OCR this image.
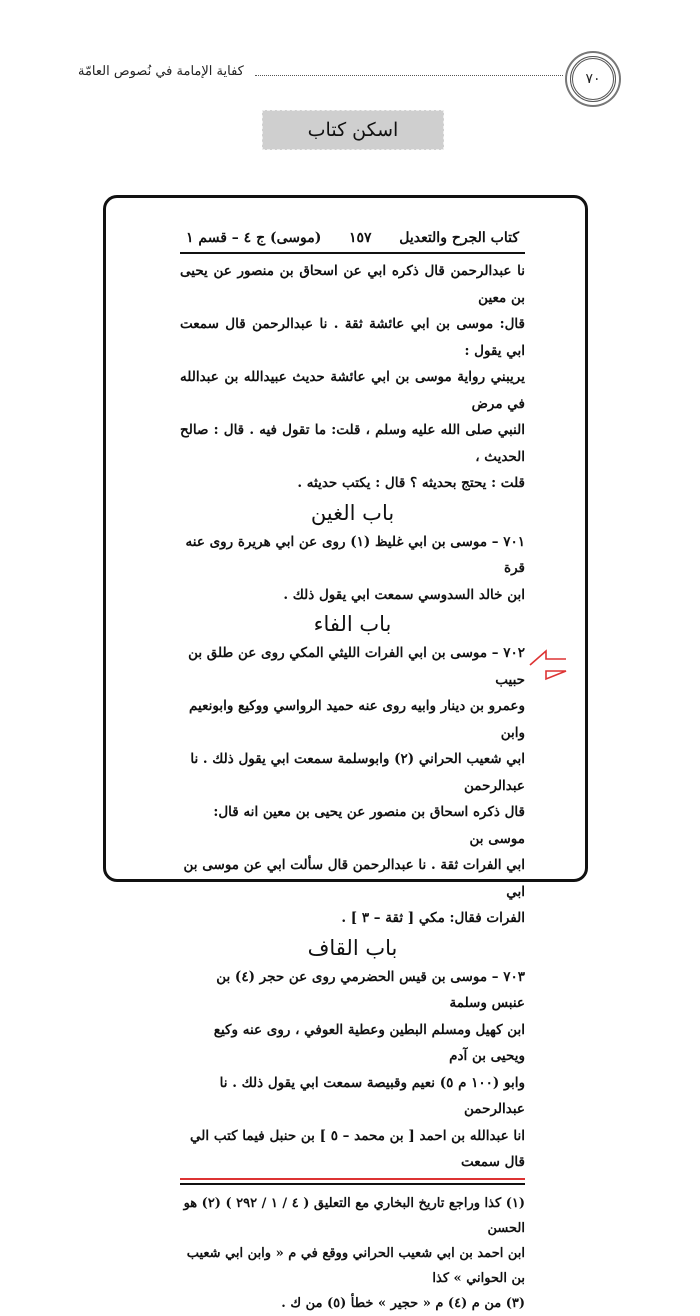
كفاية الإمامة في نُصوص العامّة	٧٠
اسكن كتاب
كتاب الجرح والتعديل
١٥٧
(موسى) ج ٤ – قسم ١
نا عبدالرحمن قال ذكره ابي عن اسحاق بن منصور عن يحيى بن معين
قال: موسى بن ابي عائشة ثقة . نا عبدالرحمن قال سمعت ابي يقول :
يريبني رواية موسى بن ابي عائشة حديث عبيدالله بن عبدالله في مرض
النبي صلى الله عليه وسلم ، قلت: ما تقول فيه . قال : صالح الحديث ،
قلت : يحتج بحديثه ؟ قال : يكتب حديثه .
باب الغين
٧٠١ – موسى بن ابي غليظ (١) روى عن ابي هريرة روى عنه قرة
ابن خالد السدوسي سمعت ابي يقول ذلك .
باب الفاء
٧٠٢ – موسى بن ابي الفرات الليثي المكي روى عن طلق بن حبيب
وعمرو بن دينار وابيه روى عنه حميد الرواسي ووكيع وابونعيم وابن
ابي شعيب الحراني (٢) وابوسلمة سمعت ابي يقول ذلك . نا عبدالرحمن
قال ذكره اسحاق بن منصور عن يحيى بن معين انه قال: موسى بن
ابي الفرات ثقة . نا عبدالرحمن قال سألت ابي عن موسى بن ابي
الفرات فقال: مكي [ ثقة – ٣ ] .
باب القاف
٧٠٣ – موسى بن قيس الحضرمي روى عن حجر (٤) بن عنبس وسلمة
ابن كهيل ومسلم البطين وعطية العوفي ، روى عنه وكيع ويحيى بن آدم
وابو (١٠٠ م ٥) نعيم وقبيصة سمعت ابي يقول ذلك . نا عبدالرحمن
انا عبدالله بن احمد [ بن محمد – ٥ ] بن حنبل فيما كتب الي قال سمعت
(١) كذا وراجع تاريخ البخاري مع التعليق ( ٤ / ١ / ٢٩٢ ) (٢) هو الحسن
ابن احمد بن ابي شعيب الحراني ووقع في م « وابن ابي شعيب بن الحواني » كذا
(٣) من م (٤) م « حجير » خطأ (٥) من ك .
